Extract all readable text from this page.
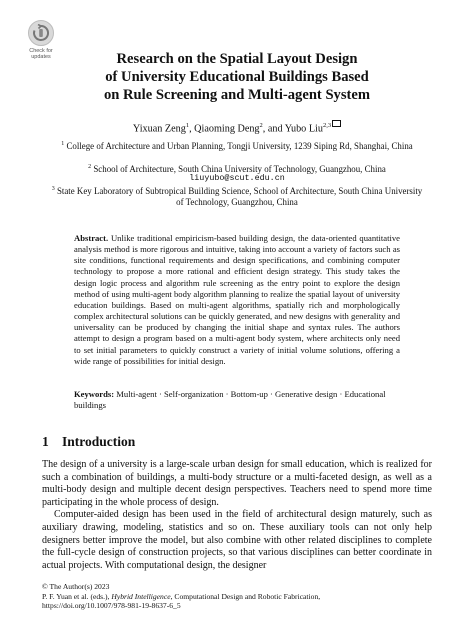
Check for
updates	Research on the Spatial Layout Design
of University Educational Buildings Based
on Rule Screening and Multi-agent System
Yixuan Zeng$^1$, Qiaoming Deng$^2$, and Yubo Liu$^{2,3}$
$^1$ College of Architecture and Urban Planning, Tongji University, 1239 Siping Rd, Shanghai, China
$^2$ School of Architecture, South China University of Technology, Guangzhou, China
liuyubo@scut.edu.cn
$^3$ State Key Laboratory of Subtropical Building Science, School of Architecture, South China University of Technology, Guangzhou, China
Abstract. Unlike traditional empiricism-based building design, the data-oriented quantitative analysis method is more rigorous and intuitive, taking into account a variety of factors such as site conditions, functional requirements and design specifications, and combining computer technology to propose a more rational and efficient design strategy. This study takes the design logic process and algorithm rule screening as the entry point to explore the design method of using multi-agent body algorithm planning to realize the spatial layout of university education buildings. Based on multi-agent algorithms, spatially rich and morphologically complex architectural solutions can be quickly generated, and new designs with generality and universality can be produced by changing the initial shape and syntax rules. The authors attempt to design a program based on a multi-agent body system, where architects only need to set initial parameters to quickly construct a variety of initial volume solutions, offering a wide range of possibilities for initial design.
Keywords: Multi-agent · Self-organization · Bottom-up · Generative design · Educational buildings
1 Introduction

The design of a university is a large-scale urban design for small education, which is realized for such a combination of buildings, a multi-body structure or a multi-faceted design, as well as a multi-body design and multiple decent design perspectives. Teachers need to spend more time participating in the whole process of design.

Computer-aided design has been used in the field of architectural design maturely, such as auxiliary drawing, modeling, statistics and so on. These auxiliary tools can not only help designers better improve the model, but also combine with other related disciplines to complete the full-cycle design of construction projects, so that various disciplines can better coordinate in actual projects. With computational design, the designer

© The Author(s) 2023
P. F. Yuan et al. (eds.), Hybrid Intelligence, Computational Design and Robotic Fabrication,
https://doi.org/10.1007/978-981-19-8637-6_5
